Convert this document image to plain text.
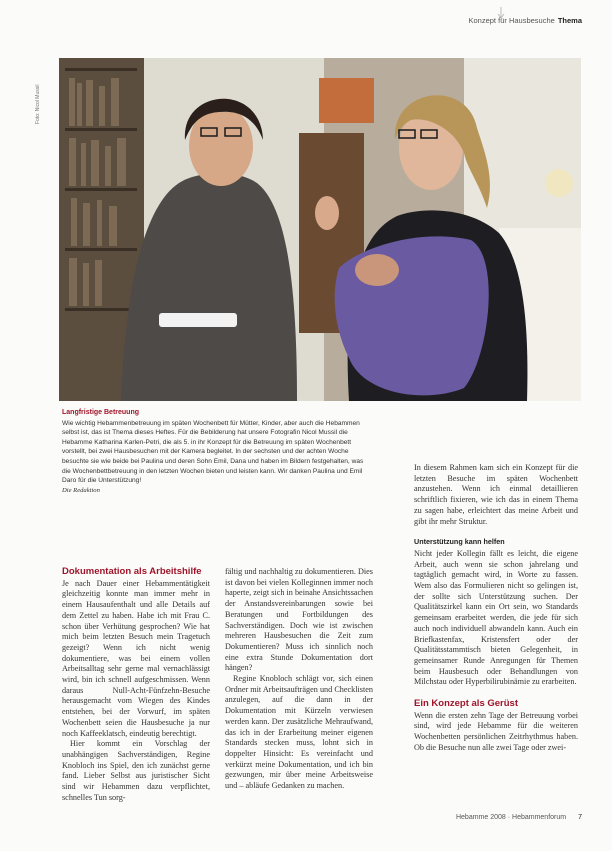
Konzept für Hausbesuche Thema
Foto: Nicol Mussil
Langfristige Betreuung

Wie wichtig Hebammenbetreuung im späten Wochenbett für Mütter, Kinder, aber auch die Hebammen selbst ist, das ist Thema dieses Heftes. Für die Bebilderung hat unsere Fotografin Nicol Mussil die Hebamme Katharina Karlen-Petri, die als 5. in ihr Konzept für die Betreuung im späten Wochenbett vorstellt, bei zwei Hausbesuchen mit der Kamera begleitet. In der sechsten und der achten Woche besuchte sie wie beide bei Paulina und deren Sohn Emil, Dana und haben im Bildern festgehalten, was die Wochenbettbetreuung in den letzten Wochen bieten und leisten kann. Wir danken Paulina und Emil Daro für die Unterstützung!

Die Redaktion

Dokumentation als Arbeitshilfe

Je nach Dauer einer Hebammentätigkeit gleichzeitig konnte man immer mehr in einem Hausaufenthalt und alle Details auf dem Zettel zu haben. Habe ich mit Frau C. schon über Verhütung gesprochen? Wie hat mich beim letzten Besuch mein Tragetuch gezeigt? Wenn ich nicht wenig dokumentiere, was bei einem vollen Arbeitsalltag sehr gerne mal vernachlässigt wird, bin ich schnell aufgeschmissen. Wenn daraus Null-Acht-Fünfzehn-Besuche herausgemacht vom Wiegen des Kindes entstehen, bei der Vorwurf, im späten Wochenbett seien die Hausbesuche ja nur noch Kaffeeklatsch, eindeutig berechtigt.

Hier kommt ein Vorschlag der unabhängigen Sachverständigen, Regine Knobloch ins Spiel, den ich zunächst gerne fand. Lieber Selbst aus juristischer Sicht sind wir Hebammen dazu verpflichtet, schnelles Tun sorg-

fältig und nachhaltig zu dokumentieren. Dies ist davon bei vielen Kolleginnen immer noch haperte, zeigt sich in beinahe Ansichtssachen der Anstandsvereinbarungen sowie bei Beratungen und Fortbildungen des Sachverständigen. Doch wie ist zwischen mehreren Hausbesuchen die Zeit zum Dokumentieren? Muss ich sinnlich noch eine extra Stunde Dokumentation dort hängen?

Regine Knobloch schlägt vor, sich einen Ordner mit Arbeitsaufträgen und Checklisten anzulegen, auf die dann in der Dokumentation mit Kürzeln verwiesen werden kann. Der zusätzliche Mehraufwand, das ich in der Erarbeitung meiner eigenen Standards stecken muss, lohnt sich in doppelter Hinsicht: Es vereinfacht und verkürzt meine Dokumentation, und ich bin gezwungen, mir über meine Arbeitsweise und – abläufe Gedanken zu machen.

In diesem Rahmen kam sich ein Konzept für die letzten Besuche im späten Wochenbett anzustehen. Wenn ich einmal detaillieren schriftlich fixieren, wie ich das in einem Thema zu sagen habe, erleichtert das meine Arbeit und gibt ihr mehr Struktur.

Unterstützung kann helfen

Nicht jeder Kollegin fällt es leicht, die eigene Arbeit, auch wenn sie schon jahrelang und tagtäglich gemacht wird, in Worte zu fassen. Wem also das Formulieren nicht so gelingen ist, der sollte sich Unterstützung suchen. Der Qualitätszirkel kann ein Ort sein, wo Standards gemeinsam erarbeitet werden, die jede für sich auch noch individuell abwandeln kann. Auch ein Briefkastenfax, Kristensfert oder der Qualitätsstammtisch bieten Gelegenheit, in gemeinsamer Runde Anregungen für Themen beim Hausbesuch oder Behandlungen von Milchstau oder Hyperbilirubinämie zu erarbeiten.

Ein Konzept als Gerüst

Wenn die ersten zehn Tage der Betreuung vorbei sind, wird jede Hebamme für die weiteren Wochenbetten persönlichen Zeitrhythmus haben. Ob die Besuche nun alle zwei Tage oder zwei-

Hebamme 2008 · Hebammenforum 7
